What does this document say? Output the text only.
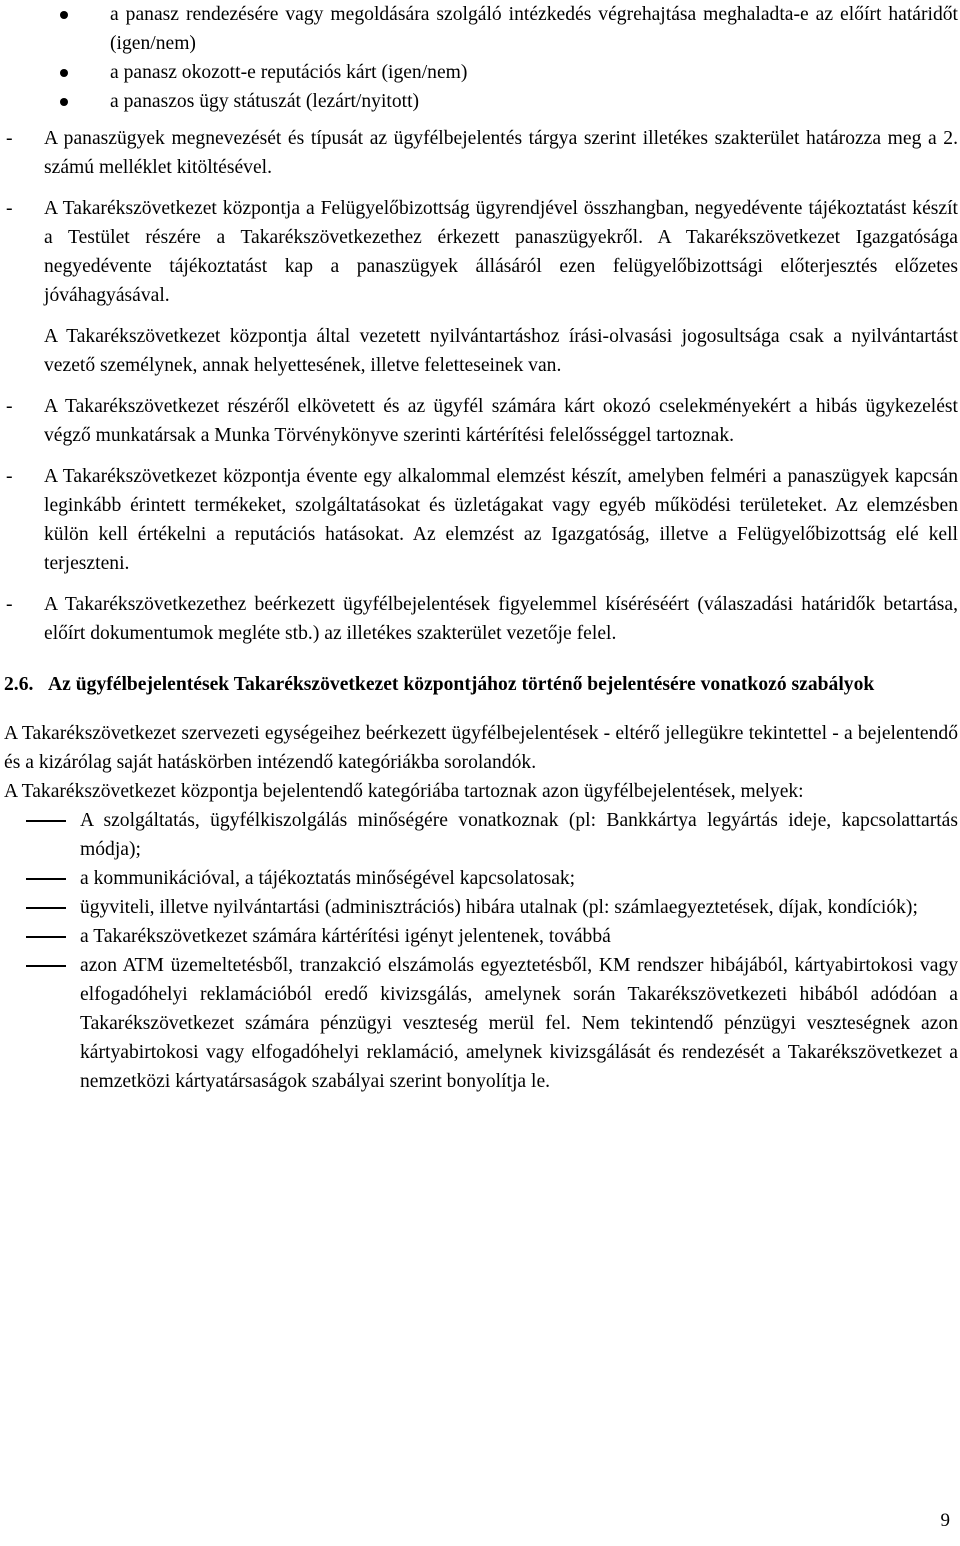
a panasz rendezésére vagy megoldására szolgáló intézkedés végrehajtása meghaladta-e az előírt határidőt (igen/nem)

a panasz okozott-e reputációs kárt (igen/nem)

a panaszos ügy státuszát (lezárt/nyitott)

- A panaszügyek megnevezését és típusát az ügyfélbejelentés tárgya szerint illetékes szakterület határozza meg a 2. számú melléklet kitöltésével.

- A Takarékszövetkezet központja a Felügyelőbizottság ügyrendjével összhangban, negyedévente tájékoztatást készít a Testület részére a Takarékszövetkezethez érkezett panaszügyekről. A Takarékszövetkezet Igazgatósága negyedévente tájékoztatást kap a panaszügyek állásáról ezen felügyelőbizottsági előterjesztés előzetes jóváhagyásával.

A Takarékszövetkezet központja által vezetett nyilvántartáshoz írási-olvasási jogosultsága csak a nyilvántartást vezető személynek, annak helyettesének, illetve feletteseinek van.

- A Takarékszövetkezet részéről elkövetett és az ügyfél számára kárt okozó cselekményekért a hibás ügykezelést végző munkatársak a Munka Törvénykönyve szerinti kártérítési felelősséggel tartoznak.

- A Takarékszövetkezet központja évente egy alkalommal elemzést készít, amelyben felméri a panaszügyek kapcsán leginkább érintett termékeket, szolgáltatásokat és üzletágakat vagy egyéb működési területeket. Az elemzésben külön kell értékelni a reputációs hatásokat. Az elemzést az Igazgatóság, illetve a Felügyelőbizottság elé kell terjeszteni.

- A Takarékszövetkezethez beérkezett ügyfélbejelentések figyelemmel kíséréséért (válaszadási határidők betartása, előírt dokumentumok megléte stb.) az illetékes szakterület vezetője felel.

2.6. Az ügyfélbejelentések Takarékszövetkezet központjához történő bejelentésére vonatkozó szabályok

A Takarékszövetkezet szervezeti egységeihez beérkezett ügyfélbejelentések - eltérő jellegükre tekintettel - a bejelentendő és a kizárólag saját hatáskörben intézendő kategóriákba sorolandók.

A Takarékszövetkezet központja bejelentendő kategóriába tartoznak azon ügyfélbejelentések, melyek:

A szolgáltatás, ügyfélkiszolgálás minőségére vonatkoznak (pl: Bankkártya legyártás ideje, kapcsolattartás módja);

a kommunikációval, a tájékoztatás minőségével kapcsolatosak;

ügyviteli, illetve nyilvántartási (adminisztrációs) hibára utalnak (pl: számlaegyeztetések, díjak, kondíciók);

a Takarékszövetkezet számára kártérítési igényt jelentenek, továbbá

azon ATM üzemeltetésből, tranzakció elszámolás egyeztetésből, KM rendszer hibájából, kártyabirtokosi vagy elfogadóhelyi reklamációból eredő kivizsgálás, amelynek során Takarékszövetkezeti hibából adódóan a Takarékszövetkezet számára pénzügyi veszteség merül fel. Nem tekintendő pénzügyi veszteségnek azon kártyabirtokosi vagy elfogadóhelyi reklamáció, amelynek kivizsgálását és rendezését a Takarékszövetkezet a nemzetközi kártyatársaságok szabályai szerint bonyolítja le.

9
